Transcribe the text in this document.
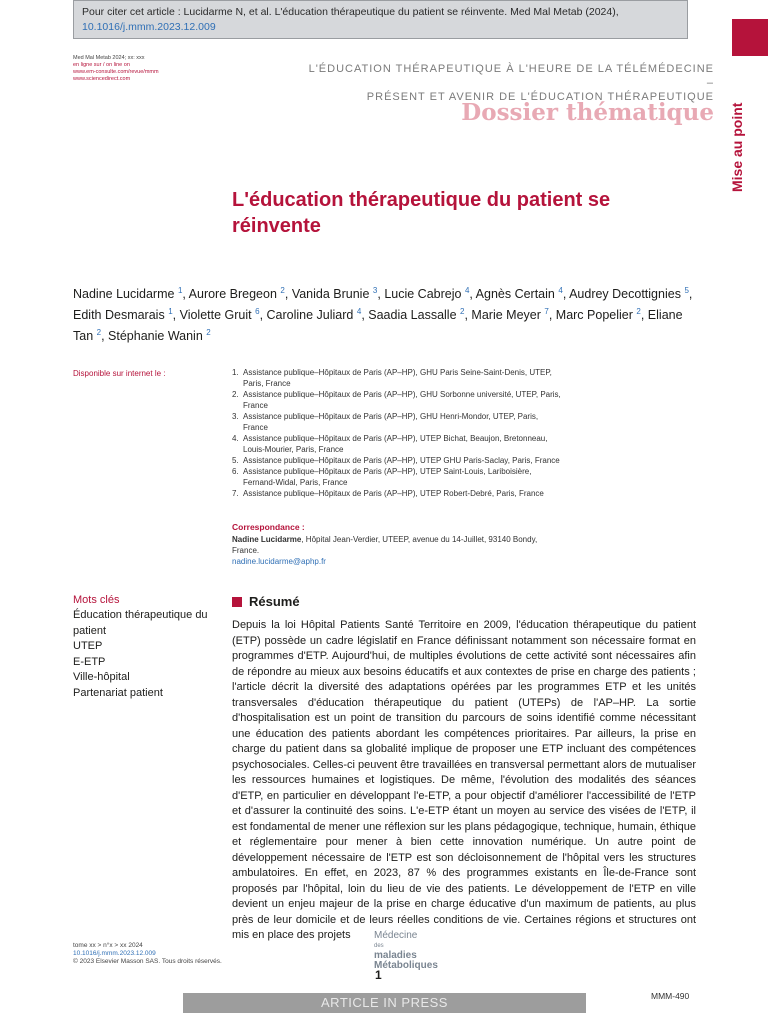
Pour citer cet article : Lucidarme N, et al. L'éducation thérapeutique du patient se réinvente. Med Mal Metab (2024), 10.1016/j.mmm.2023.12.009
Mise au point
Med Mal Metab 2024; xx: xxx
en ligne sur / on line on
www.em-consulte.com/revue/mmm
www.sciencedirect.com
L'ÉDUCATION THÉRAPEUTIQUE À L'HEURE DE LA TÉLÉMÉDECINE –
PRÉSENT ET AVENIR DE L'ÉDUCATION THÉRAPEUTIQUE
Dossier thématique
L'éducation thérapeutique du patient se réinvente
Nadine Lucidarme $^1$, Aurore Bregeon $^2$, Vanida Brunie $^3$, Lucie Cabrejo $^4$, Agnès Certain $^4$, Audrey Decottignies $^5$, Edith Desmarais $^1$, Violette Gruit $^6$, Caroline Juliard $^4$, Saadia Lassalle $^2$, Marie Meyer $^7$, Marc Popelier $^2$, Eliane Tan $^2$, Stéphanie Wanin $^2$
Disponible sur internet le :	1. Assistance publique–Hôpitaux de Paris (AP–HP), GHU Paris Seine-Saint-Denis, UTEP, Paris, France
2. Assistance publique–Hôpitaux de Paris (AP–HP), GHU Sorbonne université, UTEP, Paris, France
3. Assistance publique–Hôpitaux de Paris (AP–HP), GHU Henri-Mondor, UTEP, Paris, France
4. Assistance publique–Hôpitaux de Paris (AP–HP), UTEP Bichat, Beaujon, Bretonneau, Louis-Mourier, Paris, France
5. Assistance publique–Hôpitaux de Paris (AP–HP), UTEP GHU Paris-Saclay, Paris, France
6. Assistance publique–Hôpitaux de Paris (AP–HP), UTEP Saint-Louis, Lariboisière, Fernand-Widal, Paris, France
7. Assistance publique–Hôpitaux de Paris (AP–HP), UTEP Robert-Debré, Paris, France
Correspondance :
Nadine Lucidarme, Hôpital Jean-Verdier, UTEEP, avenue du 14-Juillet, 93140 Bondy, France.
nadine.lucidarme@aphp.fr
Mots clés
Éducation thérapeutique du patient
UTEP
E-ETP
Ville-hôpital
Partenariat patient
Résumé
Depuis la loi Hôpital Patients Santé Territoire en 2009, l'éducation thérapeutique du patient (ETP) possède un cadre législatif en France définissant notamment son nécessaire format en programmes d'ETP. Aujourd'hui, de multiples évolutions de cette activité sont nécessaires afin de répondre au mieux aux besoins éducatifs et aux contextes de prise en charge des patients ; l'article décrit la diversité des adaptations opérées par les programmes ETP et les unités transversales d'éducation thérapeutique du patient (UTEPs) de l'AP–HP. La sortie d'hospitalisation est un point de transition du parcours de soins identifié comme nécessitant une éducation des patients abordant les compétences prioritaires. Par ailleurs, la prise en charge du patient dans sa globalité implique de proposer une ETP incluant des compétences psychosociales. Celles-ci peuvent être travaillées en transversal permettant alors de mutualiser les ressources humaines et logistiques. De même, l'évolution des modalités des séances d'ETP, en particulier en développant l'e-ETP, a pour objectif d'améliorer l'accessibilité de l'ETP et d'assurer la continuité des soins. L'e-ETP étant un moyen au service des visées de l'ETP, il est fondamental de mener une réflexion sur les plans pédagogique, technique, humain, éthique et réglementaire pour mener à bien cette innovation numérique. Un autre point de développement nécessaire de l'ETP est son décloisonnement de l'hôpital vers les structures ambulatoires. En effet, en 2023, 87 % des programmes existants en Île-de-France sont proposés par l'hôpital, loin du lieu de vie des patients. Le développement de l'ETP en ville devient un enjeu majeur de la prise en charge éducative d'un maximum de patients, au plus près de leur domicile et de leurs réelles conditions de vie. Certaines régions et structures ont mis en place des projets
tome xx > n°x > xx 2024
10.1016/j.mmm.2023.12.009
© 2023 Elsevier Masson SAS. Tous droits réservés.
Médecine
des
maladies
Métaboliques
1
ARTICLE IN PRESS	MMM-490
